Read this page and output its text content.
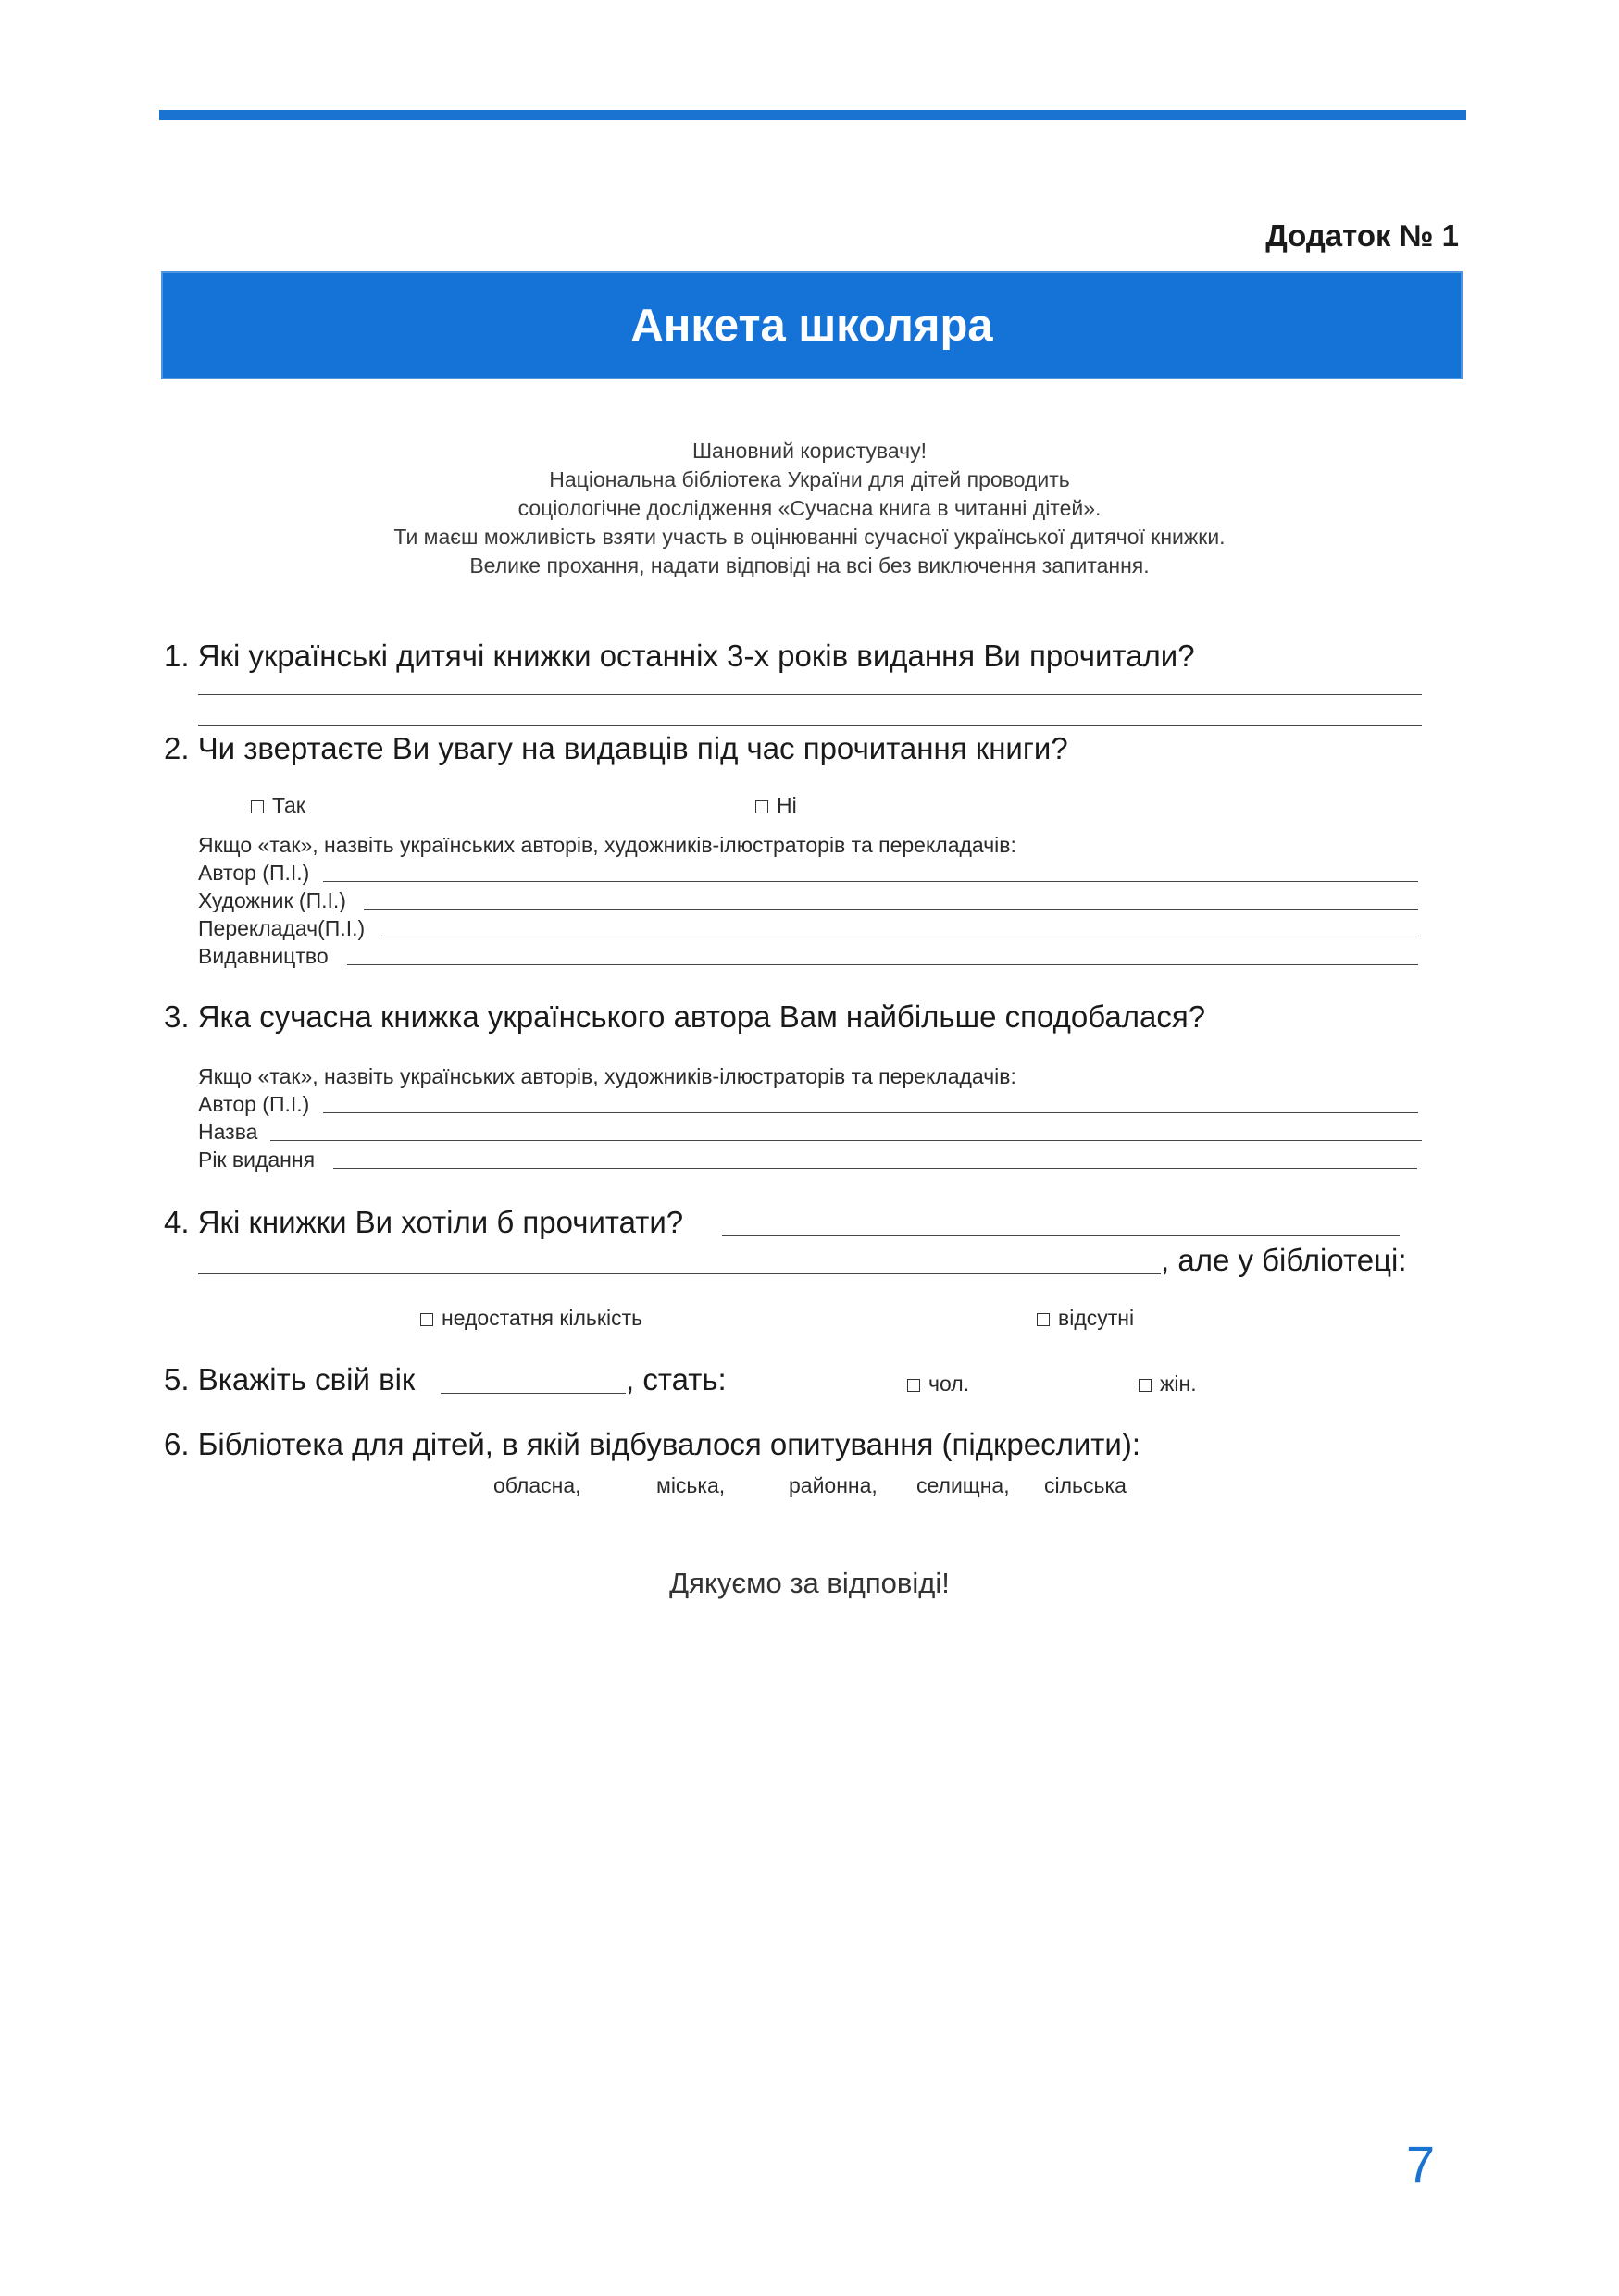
Додаток № 1
Анкета школяра
Шановний користувачу!
Національна бібліотека України для дітей проводить
соціологічне дослідження «Сучасна книга в читанні дітей».
Ти маєш можливість взяти участь в оцінюванні сучасної української дитячої книжки.
Велике прохання, надати відповіді на всі без виключення запитання.
1. Які українські дитячі книжки останніх 3-х років видання Ви прочитали?
2. Чи звертаєте Ви увагу на видавців під час прочитання книги?
Так	Ні
Якщо «так», назвіть українських авторів, художників-ілюстраторів та перекладачів:
Автор (П.І.)
Художник (П.І.)
Перекладач(П.І.)
Видавництво
3. Яка сучасна книжка українського автора Вам найбільше сподобалася?
Якщо «так», назвіть українських авторів, художників-ілюстраторів та перекладачів:
Автор (П.І.)
Назва
Рік видання
4. Які книжки Ви хотіли б прочитати?
, але у бібліотеці:
недостатня кількість	відсутні
5. Вкажіть свій вік	, стать:	чол.	жін.
6. Бібліотека для дітей, в якій відбувалося опитування (підкреслити):
обласна,	міська,	районна, селищна, сільська
Дякуємо за відповіді!
7
